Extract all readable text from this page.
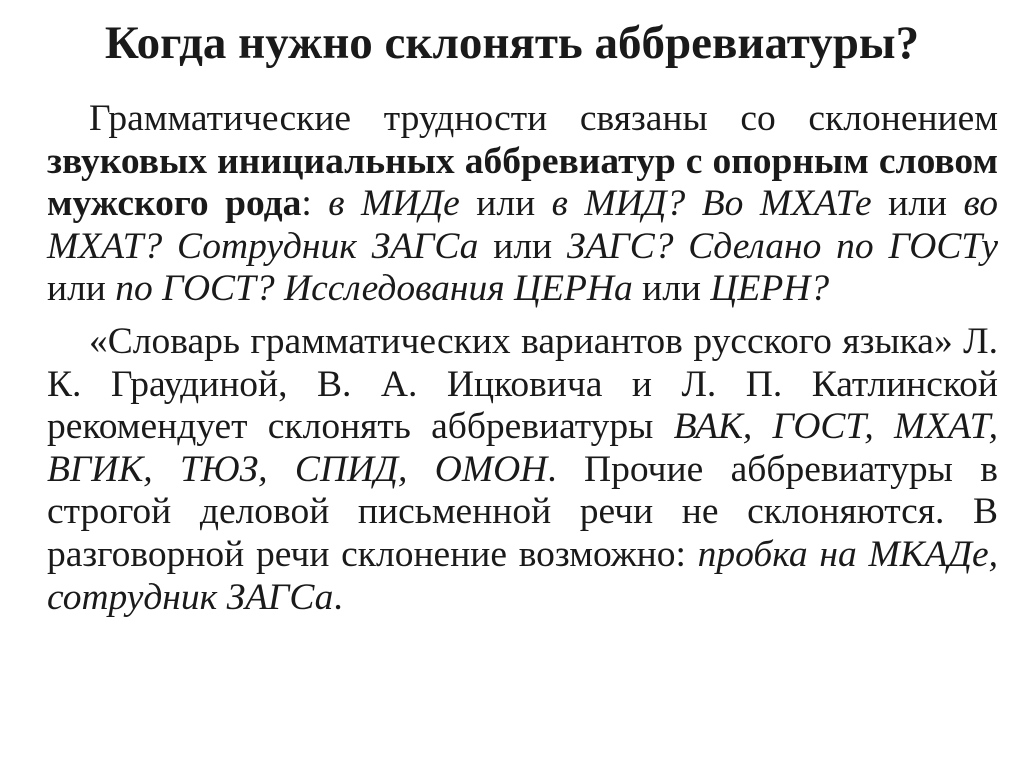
Когда нужно склонять аббревиатуры?

Грамматические трудности связаны со склонением звуковых инициальных аббревиатур с опорным словом мужского рода: в МИДе или в МИД? Во МХАТе или во МХАТ? Сотрудник ЗАГСа или ЗАГС? Сделано по ГОСТу или по ГОСТ? Исследования ЦЕРНа или ЦЕРН?

«Словарь грамматических вариантов русского языка» Л. К. Граудиной, В. А. Ицковича и Л. П. Катлинской рекомендует склонять аббревиатуры ВАК, ГОСТ, МХАТ, ВГИК, ТЮЗ, СПИД, ОМОН. Прочие аббревиатуры в строгой деловой письменной речи не склоняются. В разговорной речи склонение возможно: пробка на МКАДе, сотрудник ЗАГСа.
